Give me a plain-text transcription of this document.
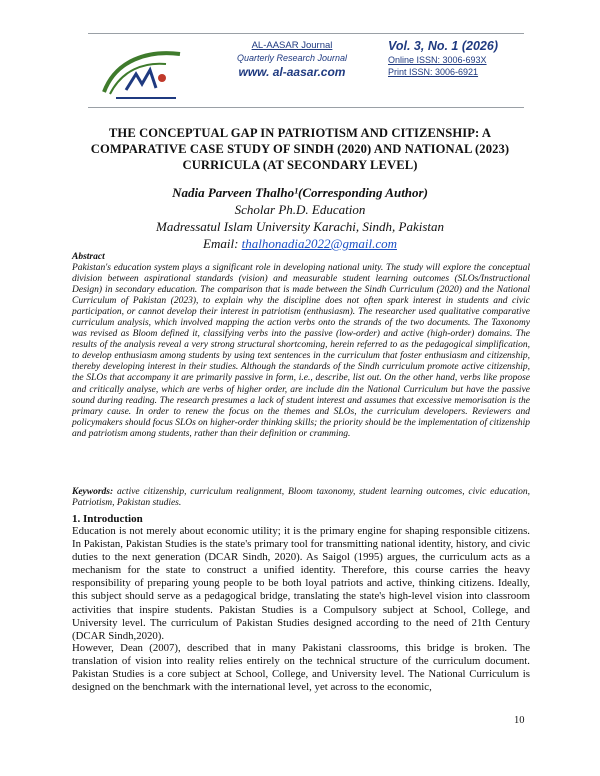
AL-AASAR Journal
Quarterly Research Journal
www. al-aasar.com
Vol. 3, No. 1 (2026)
Online ISSN: 3006-693X
Print ISSN: 3006-6921
THE CONCEPTUAL GAP IN PATRIOTISM AND CITIZENSHIP: A
COMPARATIVE CASE STUDY OF SINDH (2020) AND NATIONAL (2023)
CURRICULA (AT SECONDARY LEVEL)
Nadia Parveen Thalho¹(Corresponding Author)
Scholar Ph.D. Education
Madressatul Islam University Karachi, Sindh, Pakistan
Email: thalhonadia2022@gmail.com
Abstract

Pakistan's education system plays a significant role in developing national unity. The study will explore the conceptual division between aspirational standards (vision) and measurable student learning outcomes (SLOs/Instructional Design) in secondary education. The comparison that is made between the Sindh Curriculum (2020) and the National Curriculum of Pakistan (2023), to explain why the discipline does not often spark interest in students and civic participation, or cannot develop their interest in patriotism (enthusiasm). The researcher used qualitative comparative curriculum analysis, which involved mapping the action verbs onto the strands of the two documents. The Taxonomy was revised as Bloom defined it, classifying verbs into the passive (low-order) and active (high-order) domains. The results of the analysis reveal a very strong structural shortcoming, herein referred to as the pedagogical simplification, to develop enthusiasm among students by using text sentences in the curriculum that foster enthusiasm and citizenship, thereby developing interest in their studies. Although the standards of the Sindh curriculum promote active citizenship, the SLOs that accompany it are primarily passive in form, i.e., describe, list out. On the other hand, verbs like propose and critically analyse, which are verbs of higher order, are include din the National Curriculum but have the passive sound during reading. The research presumes a lack of student interest and assumes that excessive memorisation is the primary cause. In order to renew the focus on the themes and SLOs, the curriculum developers. Reviewers and policymakers should focus SLOs on higher-order thinking skills; the priority should be the implementation of citizenship and patriotism among students, rather than their definition or cramming.

Keywords: active citizenship, curriculum realignment, Bloom taxonomy, student learning outcomes, civic education, Patriotism, Pakistan studies.

1. Introduction

Education is not merely about economic utility; it is the primary engine for shaping responsible citizens. In Pakistan, Pakistan Studies is the state's primary tool for transmitting national identity, history, and civic duties to the next generation (DCAR Sindh, 2020). As Saigol (1995) argues, the curriculum acts as a mechanism for the state to construct a unified identity. Therefore, this course carries the heavy responsibility of preparing young people to be both loyal patriots and active, thinking citizens. Ideally, this subject should serve as a pedagogical bridge, translating the state's high-level vision into classroom activities that inspire students. Pakistan Studies is a Compulsory subject at School, College, and University level. The curriculum of Pakistan Studies designed according to the need of 21th Century (DCAR Sindh,2020).

However, Dean (2007), described that in many Pakistani classrooms, this bridge is broken. The translation of vision into reality relies entirely on the technical structure of the curriculum document. Pakistan Studies is a core subject at School, College, and University level. The National Curriculum is designed on the benchmark with the international level, yet across to the economic,

10
